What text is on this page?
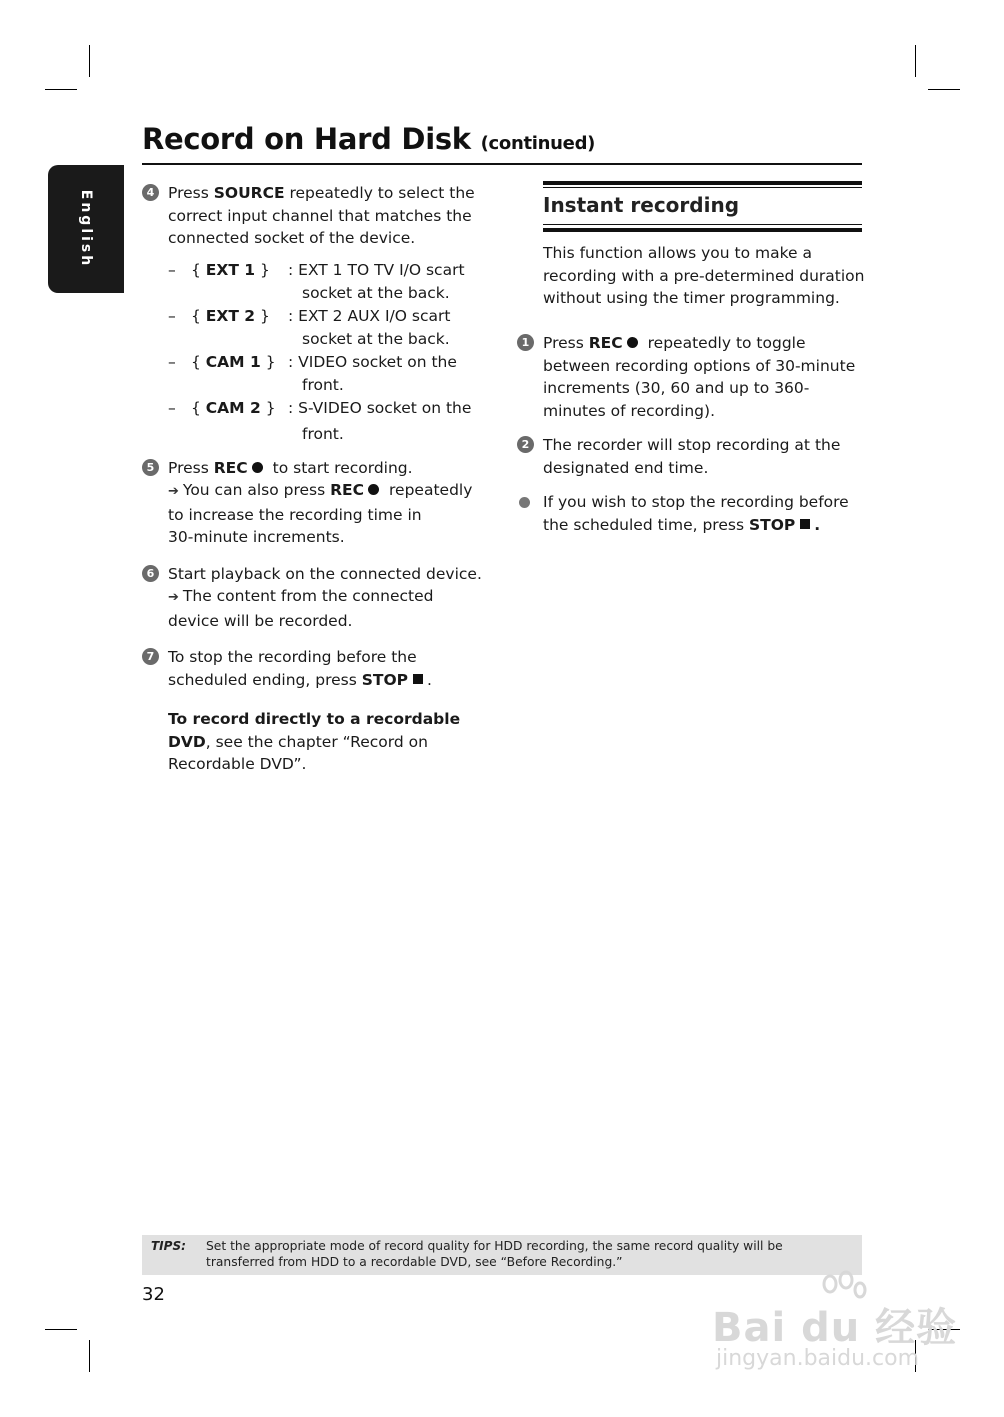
Record on Hard Disk (continued)
English	4 Press SOURCE repeatedly to select the
correct input channel that matches the
connected socket of the device.
– { EXT 1 } : EXT 1 TO TV I/O scart
socket at the back.
– { EXT 2 } : EXT 2 AUX I/O scart
socket at the back.
– { CAM 1 } : VIDEO socket on the
front.
– { CAM 2 } : S-VIDEO socket on the
front.
5 Press REC to start recording.
➔ You can also press REC repeatedly
to increase the recording time in
30-minute increments.
6 Start playback on the connected device.
➔ The content from the connected
device will be recorded.
7 To stop the recording before the
scheduled ending, press STOP .
To record directly to a recordable
DVD, see the chapter “Record on
Recordable DVD”.
Instant recording
This function allows you to make a
recording with a pre-determined duration
without using the timer programming.
1 Press REC repeatedly to toggle
between recording options of 30-minute
increments (30, 60 and up to 360-
minutes of recording).
2 The recorder will stop recording at the
designated end time.
If you wish to stop the recording before
the scheduled time, press STOP .
TIPS: Set the appropriate mode of record quality for HDD recording, the same record quality will be transferred from HDD to a recordable DVD, see “Before Recording.”
32
Bai du 经验
jingyan.baidu.com
